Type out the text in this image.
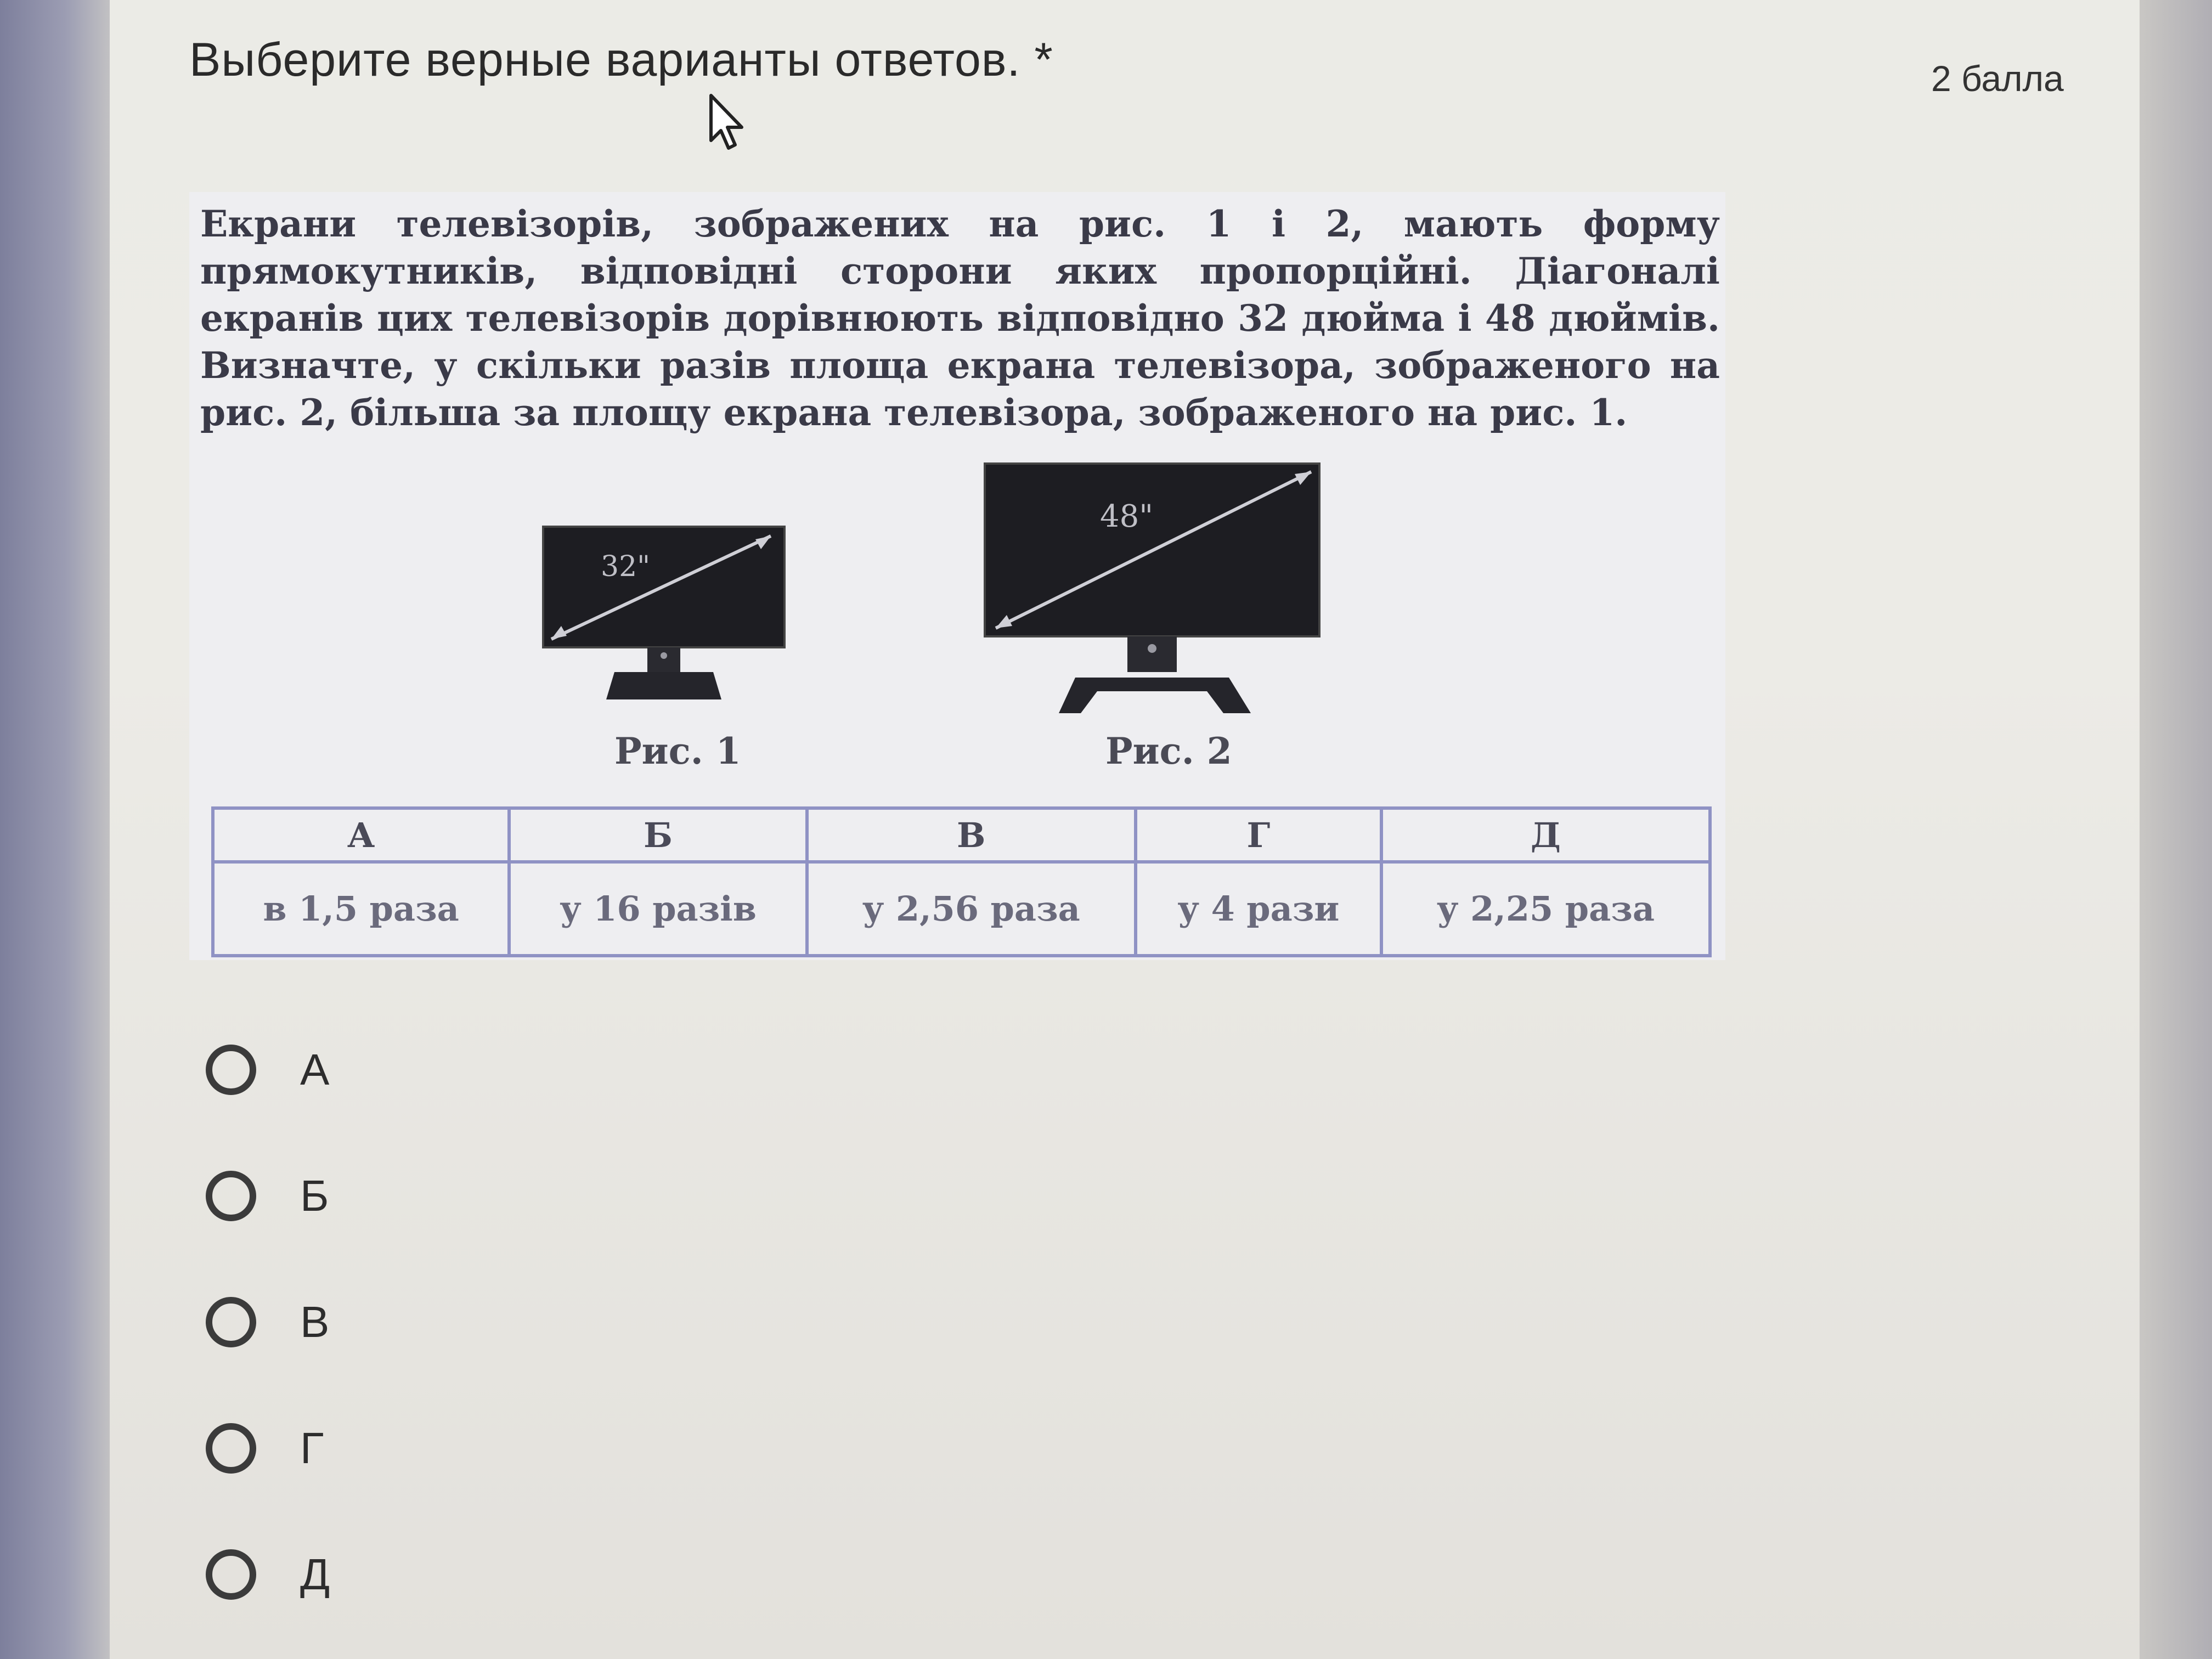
Выберите верные варианты ответов. *	2 балла
Екрани телевізорів, зображених на рис. 1 і 2, мають форму прямокутників, відповідні сторони яких пропорційні. Діагоналі екранів цих телевізорів дорівнюють відповідно 32 дюйма і 48 дюймів. Визначте, у скільки разів площа екрана телевізора, зображеного на рис. 2, більша за площу екрана телевізора, зображеного на рис. 1.
32"
Рис. 1
48"
Рис. 2
А	Б	В	Г	Д
в 1,5 раза	у 16 разів	у 2,56 раза	у 4 рази	у 2,25 раза
А
Б
В
Г
Д
